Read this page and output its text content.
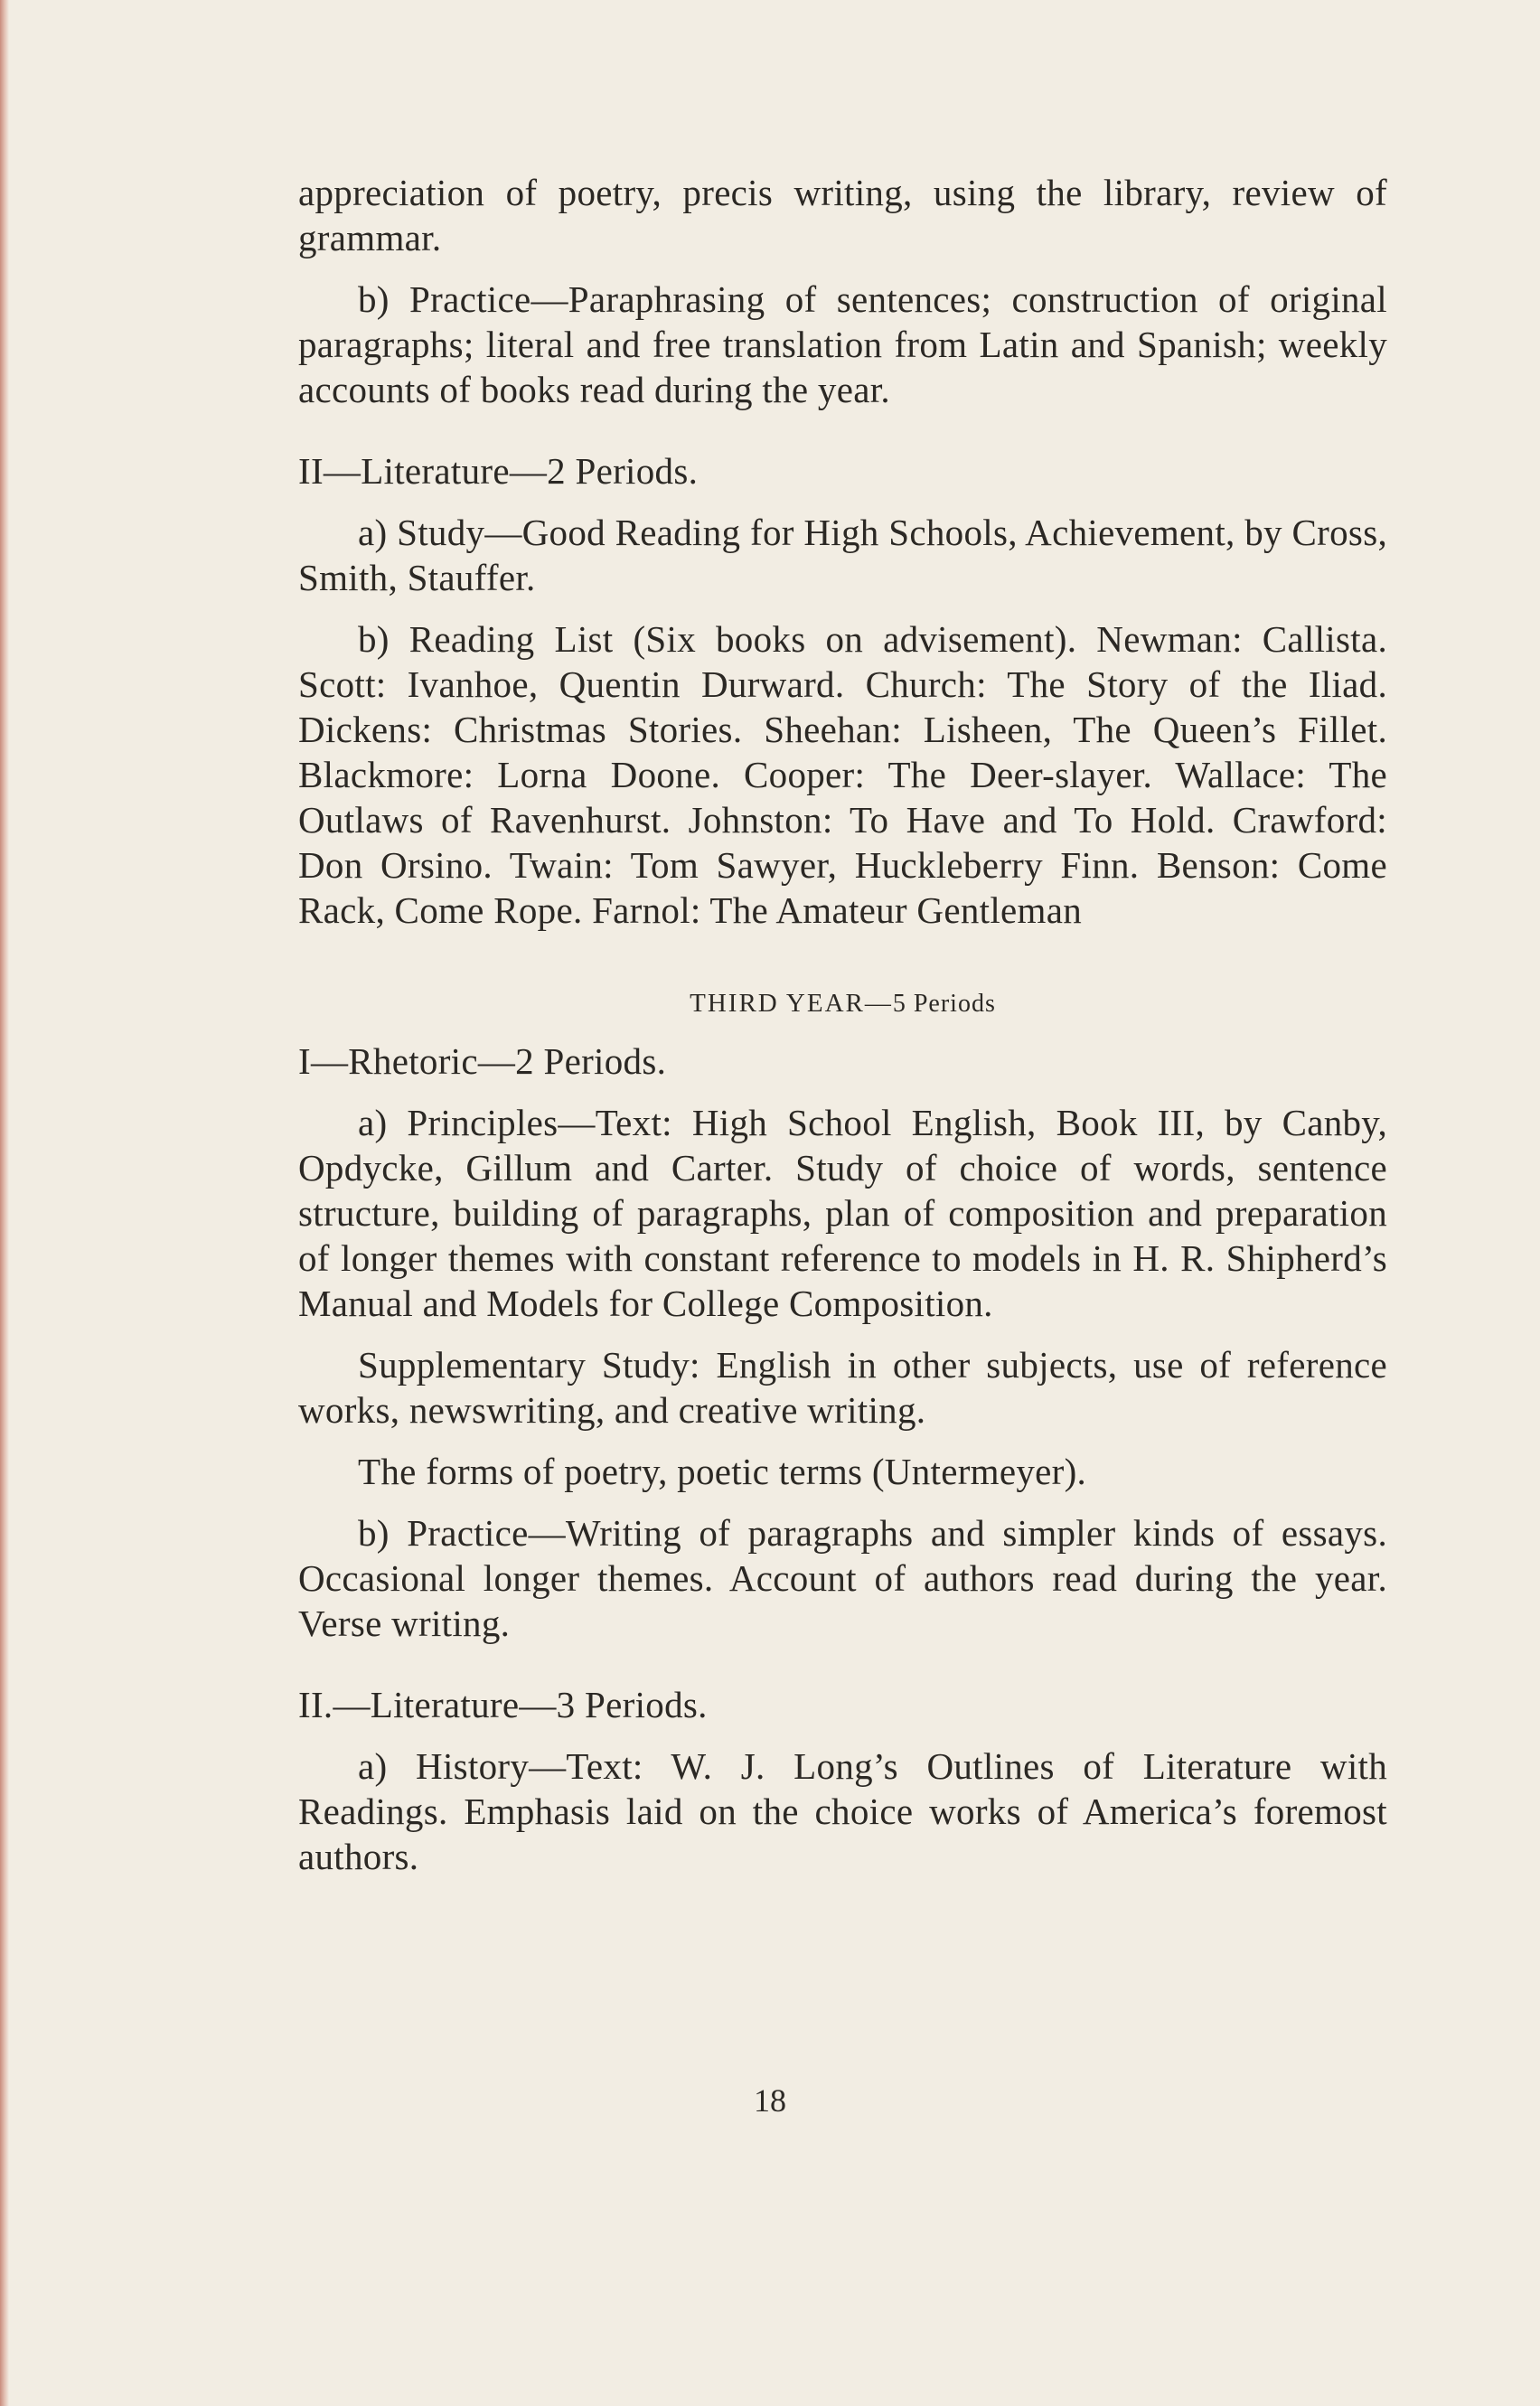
appreciation of poetry, precis writing, using the library, review of grammar.

b) Practice—Paraphrasing of sentences; construction of original paragraphs; literal and free translation from Latin and Spanish; weekly accounts of books read during the year.

II—Literature—2 Periods.

a) Study—Good Reading for High Schools, Achievement, by Cross, Smith, Stauffer.

b) Reading List (Six books on advisement). Newman: Callista. Scott: Ivanhoe, Quentin Durward. Church: The Story of the Iliad. Dickens: Christmas Stories. Sheehan: Lisheen, The Queen’s Fillet. Blackmore: Lorna Doone. Cooper: The Deer-slayer. Wallace: The Outlaws of Ravenhurst. Johnston: To Have and To Hold. Crawford: Don Orsino. Twain: Tom Sawyer, Huckleberry Finn. Benson: Come Rack, Come Rope. Farnol: The Amateur Gentleman

THIRD YEAR—5 Periods

I—Rhetoric—2 Periods.

a) Principles—Text: High School English, Book III, by Canby, Opdycke, Gillum and Carter. Study of choice of words, sentence structure, building of paragraphs, plan of composition and preparation of longer themes with constant reference to models in H. R. Shipherd’s Manual and Models for College Composition.

Supplementary Study: English in other subjects, use of reference works, newswriting, and creative writing.

The forms of poetry, poetic terms (Untermeyer).

b) Practice—Writing of paragraphs and simpler kinds of essays. Occasional longer themes. Account of authors read during the year. Verse writing.

II.—Literature—3 Periods.

a) History—Text: W. J. Long’s Outlines of Literature with Readings. Emphasis laid on the choice works of America’s foremost authors.

18
